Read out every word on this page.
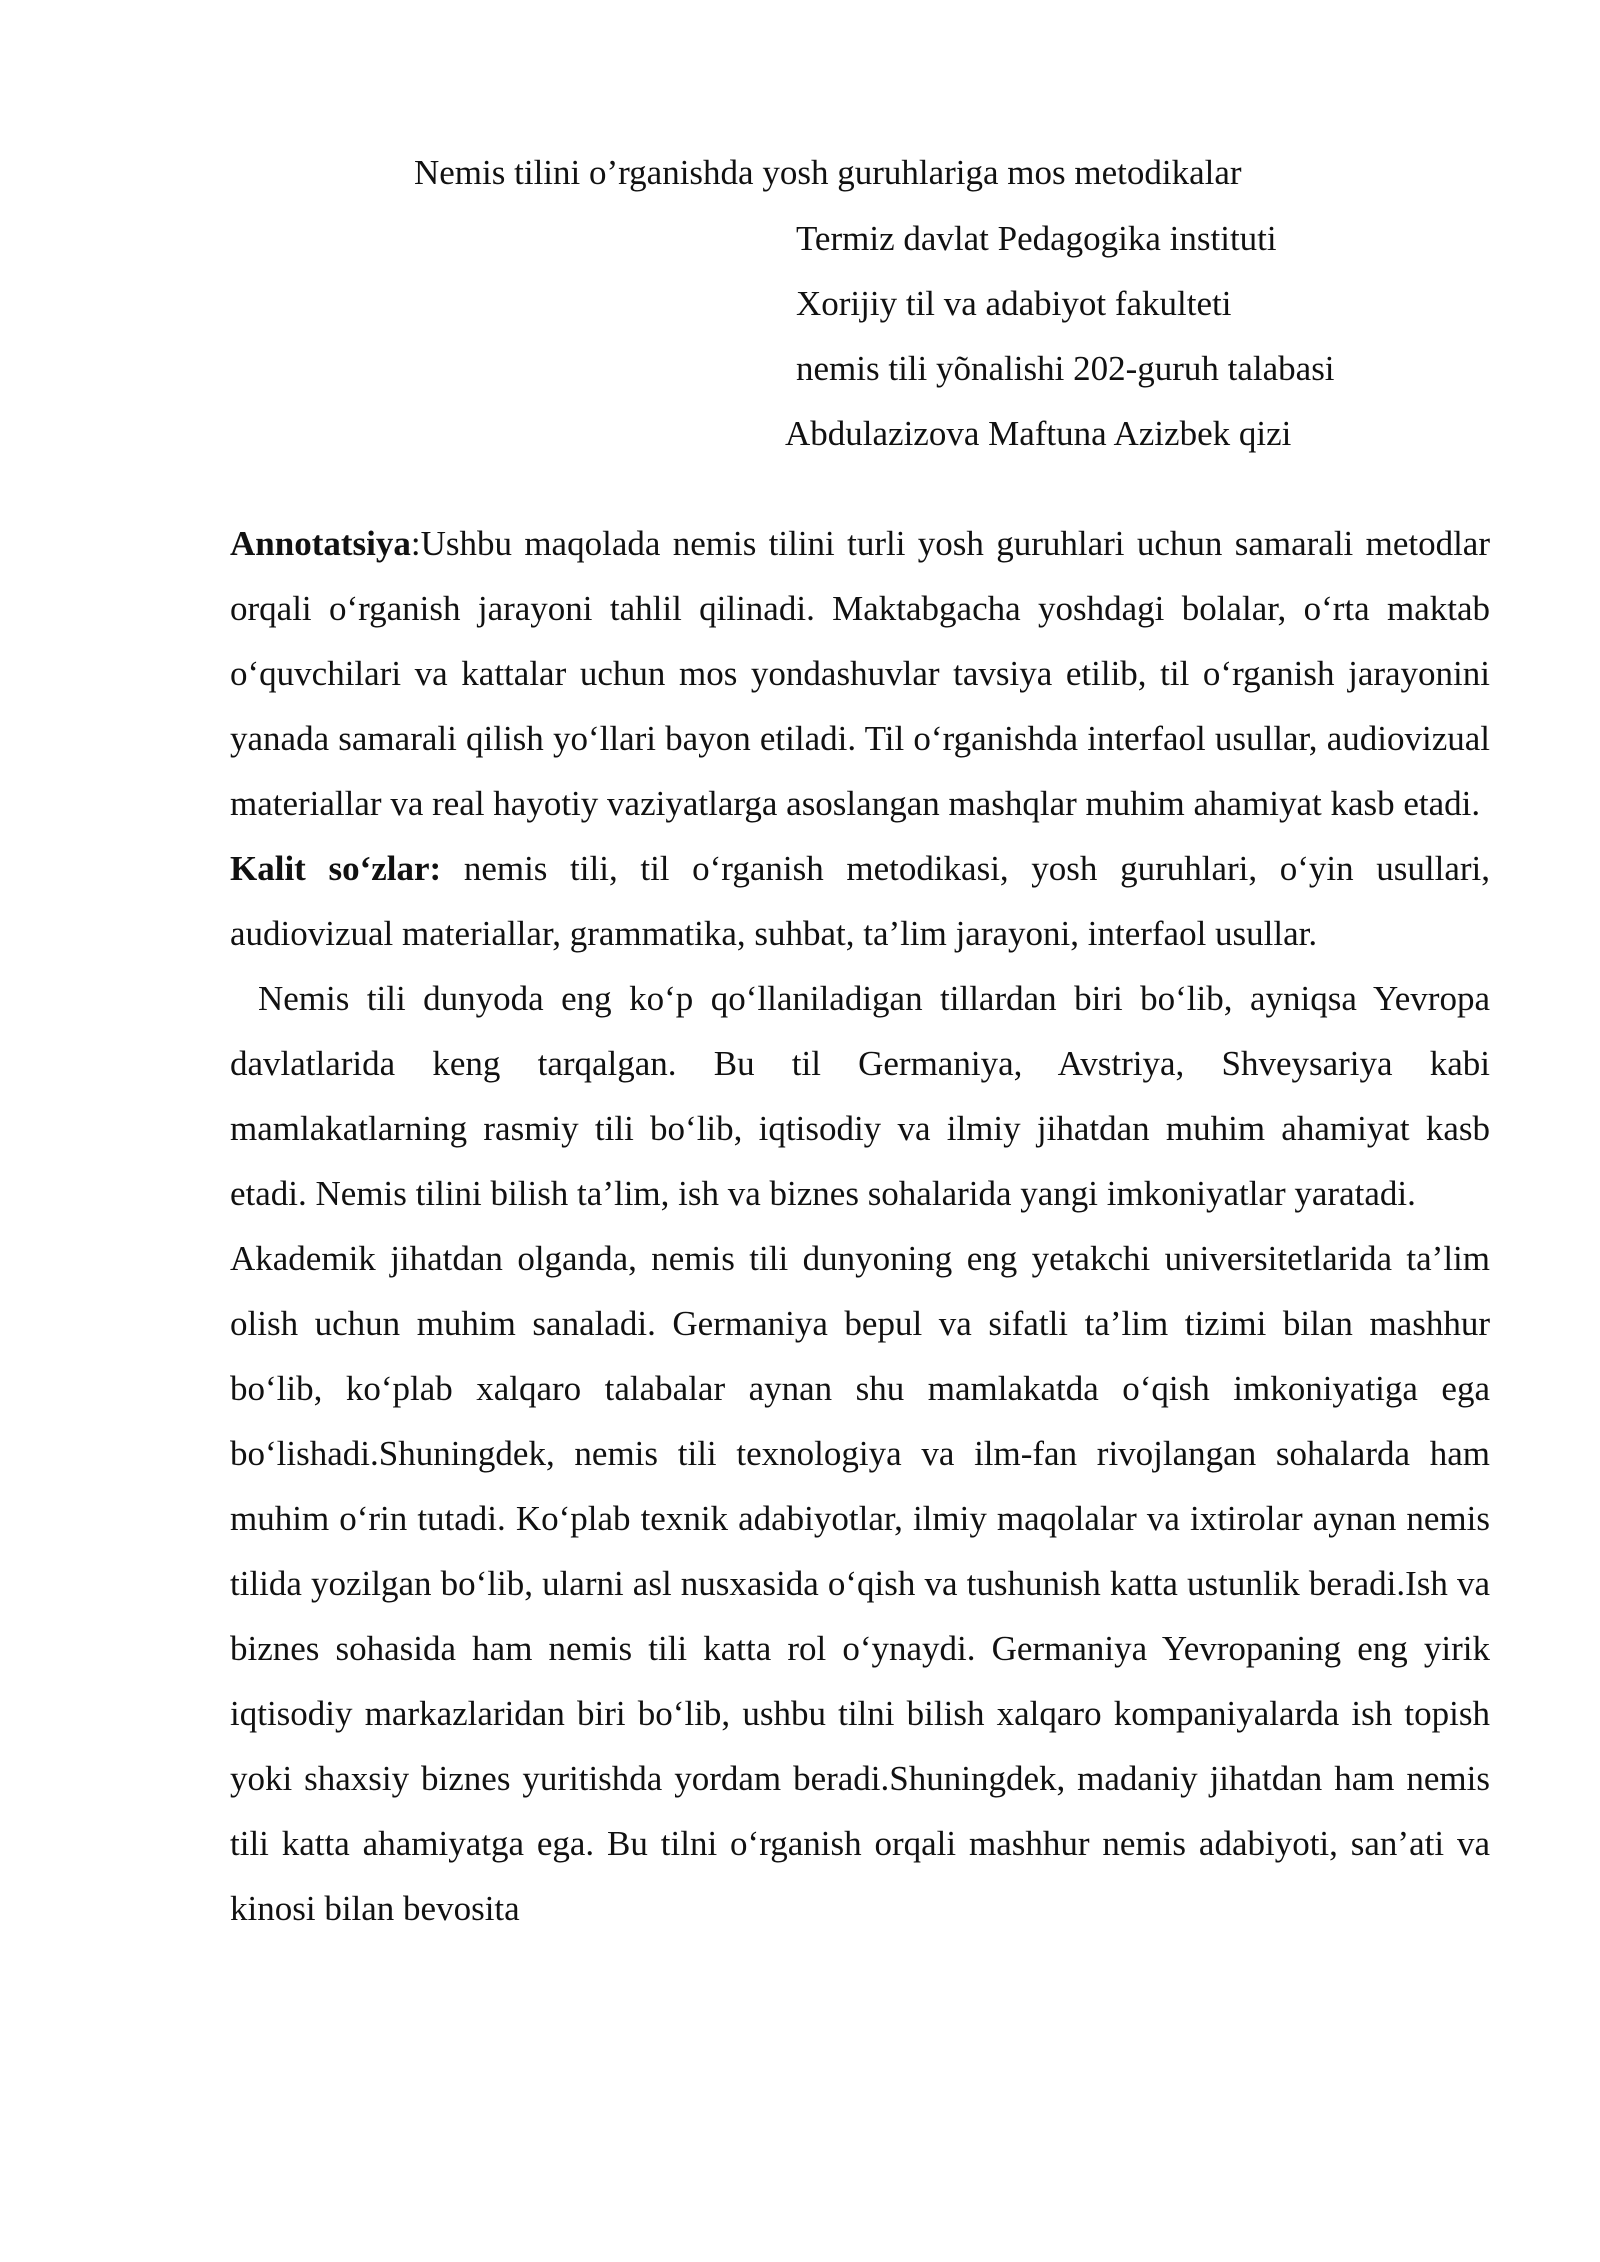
Nemis tilini o’rganishda yosh guruhlariga mos metodikalar
Termiz davlat Pedagogika instituti
Xorijiy til va adabiyot fakulteti
nemis tili yõnalishi 202-guruh talabasi
Abdulazizova Maftuna Azizbek qizi

Annotatsiya:Ushbu maqolada nemis tilini turli yosh guruhlari uchun samarali metodlar orqali oʻrganish jarayoni tahlil qilinadi. Maktabgacha yoshdagi bolalar, oʻrta maktab oʻquvchilari va kattalar uchun mos yondashuvlar tavsiya etilib, til oʻrganish jarayonini yanada samarali qilish yoʻllari bayon etiladi. Til oʻrganishda interfaol usullar, audiovizual materiallar va real hayotiy vaziyatlarga asoslangan mashqlar muhim ahamiyat kasb etadi.

Kalit soʻzlar: nemis tili, til oʻrganish metodikasi, yosh guruhlari, oʻyin usullari, audiovizual materiallar, grammatika, suhbat, ta’lim jarayoni, interfaol usullar.

Nemis tili dunyoda eng koʻp qoʻllaniladigan tillardan biri boʻlib, ayniqsa Yevropa davlatlarida keng tarqalgan. Bu til Germaniya, Avstriya, Shveysariya kabi mamlakatlarning rasmiy tili boʻlib, iqtisodiy va ilmiy jihatdan muhim ahamiyat kasb etadi. Nemis tilini bilish ta’lim, ish va biznes sohalarida yangi imkoniyatlar yaratadi.

Akademik jihatdan olganda, nemis tili dunyoning eng yetakchi universitetlarida ta’lim olish uchun muhim sanaladi. Germaniya bepul va sifatli ta’lim tizimi bilan mashhur boʻlib, koʻplab xalqaro talabalar aynan shu mamlakatda oʻqish imkoniyatiga ega boʻlishadi.Shuningdek, nemis tili texnologiya va ilm-fan rivojlangan sohalarda ham muhim oʻrin tutadi. Koʻplab texnik adabiyotlar, ilmiy maqolalar va ixtirolar aynan nemis tilida yozilgan boʻlib, ularni asl nusxasida oʻqish va tushunish katta ustunlik beradi.Ish va biznes sohasida ham nemis tili katta rol oʻynaydi. Germaniya Yevropaning eng yirik iqtisodiy markazlaridan biri boʻlib, ushbu tilni bilish xalqaro kompaniyalarda ish topish yoki shaxsiy biznes yuritishda yordam beradi.Shuningdek, madaniy jihatdan ham nemis tili katta ahamiyatga ega. Bu tilni oʻrganish orqali mashhur nemis adabiyoti, san’ati va kinosi bilan bevosita
